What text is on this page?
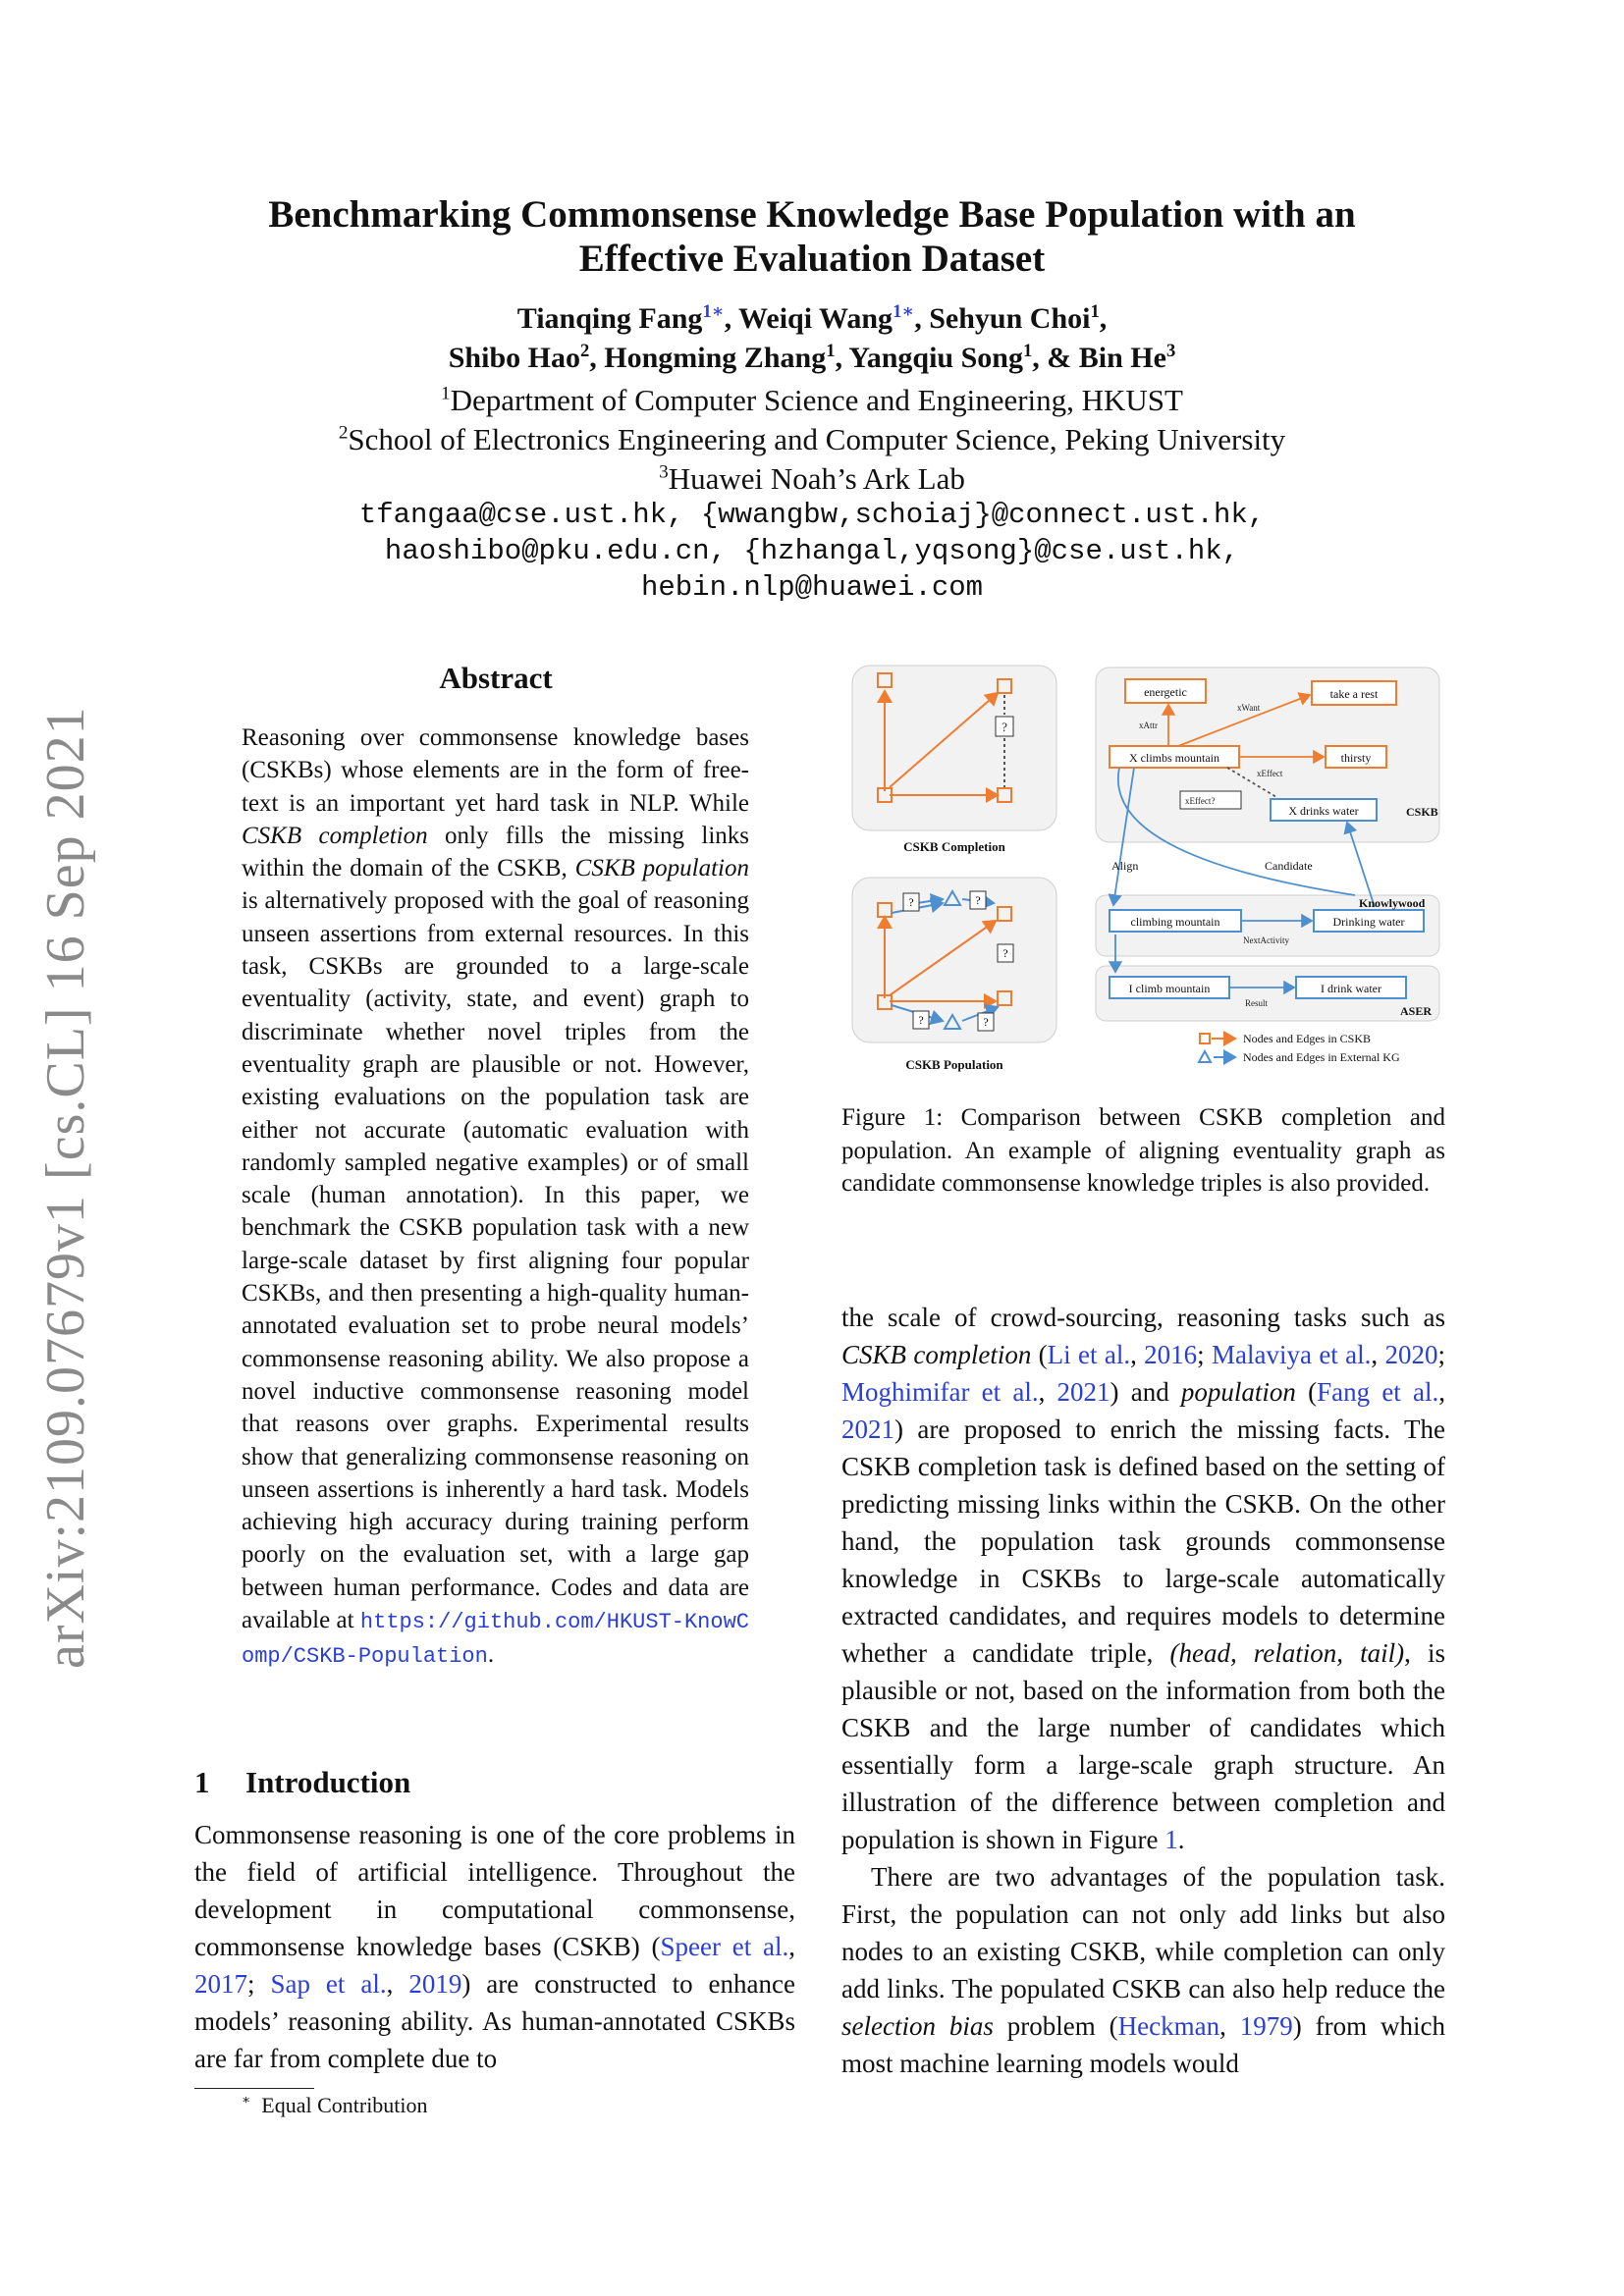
Benchmarking Commonsense Knowledge Base Population with an
Effective Evaluation Dataset
Tianqing Fang$^{1∗}$, Weiqi Wang$^{1∗}$, Sehyun Choi$^1$,
Shibo Hao$^2$, Hongming Zhang$^1$, Yangqiu Song$^1$, & Bin He$^3$
$^1$Department of Computer Science and Engineering, HKUST
$^2$School of Electronics Engineering and Computer Science, Peking University
$^3$Huawei Noah’s Ark Lab
tfangaa@cse.ust.hk, {wwangbw,schoiaj}@connect.ust.hk,
haoshibo@pku.edu.cn, {hzhangal,yqsong}@cse.ust.hk,
hebin.nlp@huawei.com
arXiv:2109.07679v1 [cs.CL] 16 Sep 2021
Abstract
Reasoning over commonsense knowledge bases (CSKBs) whose elements are in the form of free-text is an important yet hard task in NLP. While CSKB completion only fills the missing links within the domain of the CSKB, CSKB population is alternatively proposed with the goal of reasoning unseen assertions from external resources. In this task, CSKBs are grounded to a large-scale eventuality (activity, state, and event) graph to discriminate whether novel triples from the eventuality graph are plausible or not. However, existing evaluations on the population task are either not accurate (automatic evaluation with randomly sampled negative examples) or of small scale (human annotation). In this paper, we benchmark the CSKB population task with a new large-scale dataset by first aligning four popular CSKBs, and then presenting a high-quality human-annotated evaluation set to probe neural models’ commonsense reasoning ability. We also propose a novel inductive commonsense reasoning model that reasons over graphs. Experimental results show that generalizing commonsense reasoning on unseen assertions is inherently a hard task. Models achieving high accuracy during training perform poorly on the evaluation set, with a large gap between human performance. Codes and data are available at https://github.com/HKUST-KnowComp/CSKB-Population.
1 Introduction
Commonsense reasoning is one of the core problems in the field of artificial intelligence. Throughout the development in computational commonsense, commonsense knowledge bases (CSKB) (Speer et al., 2017; Sap et al., 2019) are constructed to enhance models’ reasoning ability. As human-annotated CSKBs are far from complete due to
∗ Equal Contribution
?
CSKB Completion
?	?
?
?	?
CSKB Population
energetic	take a rest
X climbs mountain	thirsty
X drinks water
climbing mountain	Drinking water
I climb mountain	I drink water
xAttr
xWant
xEffect
xEffect?
NextActivity
Result
CSKB
Knowlywood
ASER
Align	Candidate
Nodes and Edges in CSKB
Nodes and Edges in External KG
Figure 1: Comparison between CSKB completion and population. An example of aligning eventuality graph as candidate commonsense knowledge triples is also provided.

the scale of crowd-sourcing, reasoning tasks such as CSKB completion (Li et al., 2016; Malaviya et al., 2020; Moghimifar et al., 2021) and population (Fang et al., 2021) are proposed to enrich the missing facts. The CSKB completion task is defined based on the setting of predicting missing links within the CSKB. On the other hand, the population task grounds commonsense knowledge in CSKBs to large-scale automatically extracted candidates, and requires models to determine whether a candidate triple, (head, relation, tail), is plausible or not, based on the information from both the CSKB and the large number of candidates which essentially form a large-scale graph structure. An illustration of the difference between completion and population is shown in Figure 1.

There are two advantages of the population task. First, the population can not only add links but also nodes to an existing CSKB, while completion can only add links. The populated CSKB can also help reduce the selection bias problem (Heckman, 1979) from which most machine learning models would
